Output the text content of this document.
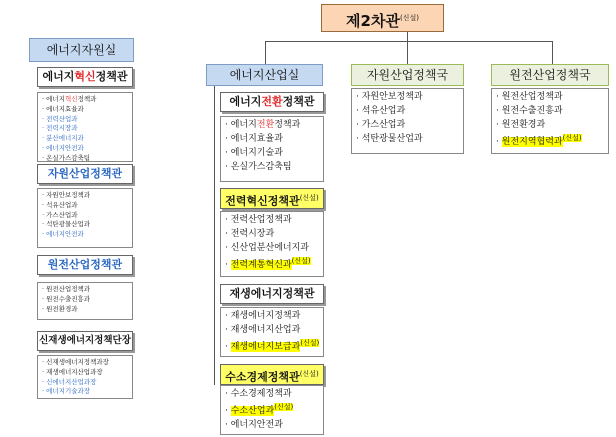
제2차관$^{(신설)}$
에너지자원실
에너지혁신정책관
· 에너지혁신정책과
· 에너지효율과
· 전력산업과
· 전력시장과
· 분산에너지과
· 에너지안전과
· 온실가스감축팀
자원산업정책관
· 자원안보정책과
· 석유산업과
· 가스산업과
· 석탄광물산업과
· 에너지안전과
원전산업정책관
· 원전산업정책과
· 원전수출진흥과
· 원전환경과
신재생에너지정책단장
· 신재생에너지정책과장
· 재생에너지산업과장
· 신에너지산업과장
· 에너지기술과장
에너지산업실
에너지전환정책관
· 에너지전환정책과
· 에너지효율과
· 에너지기술과
· 온실가스감축팀
전력혁신정책관$^{(신설)}$
· 전력산업정책과
· 전력시장과
· 신산업분산에너지과
· 전력계통혁신과$^{(신설)}$
재생에너지정책관
· 재생에너지정책과
· 재생에너지산업과
· 재생에너지보급과$^{(신설)}$
수소경제정책관$^{(신설)}$
· 수소경제정책과
· 수소산업과$^{(신설)}$
· 에너지안전과
자원산업정책국
· 자원안보정책과
· 석유산업과
· 가스산업과
· 석탄광물산업과
원전산업정책국
· 원전산업정책과
· 원전수출진흥과
· 원전환경과
· 원전지역협력과$^{(신설)}$
